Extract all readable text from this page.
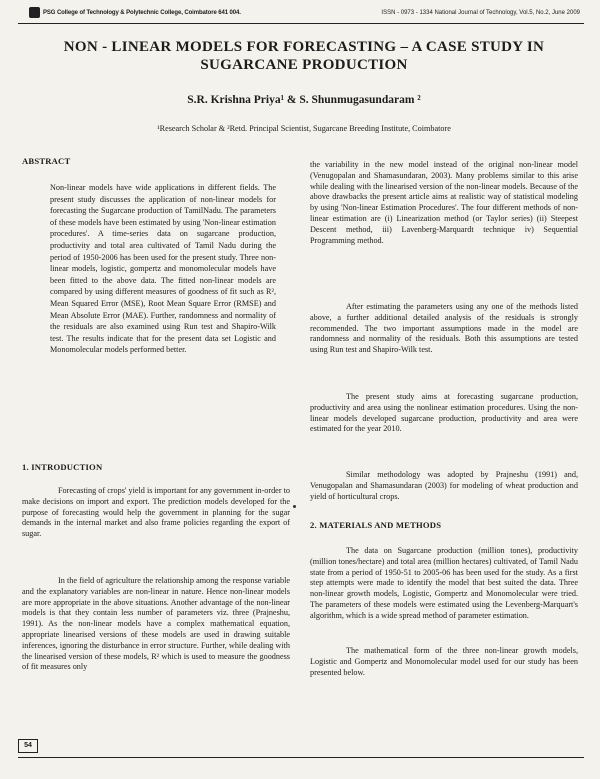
PSG College of Technology & Polytechnic College, Coimbatore 641 004.	ISSN - 0973 - 1334 National Journal of Technology, Vol.5, No.2, June 2009
NON - LINEAR MODELS FOR FORECASTING – A CASE STUDY IN SUGARCANE PRODUCTION
S.R. Krishna Priya¹ & S. Shunmugasundaram ²
¹Research Scholar & ²Retd. Principal Scientist, Sugarcane Breeding Institute, Coimbatore
ABSTRACT
Non-linear models have wide applications in different fields. The present study discusses the application of non-linear models for forecasting the Sugarcane production of TamilNadu. The parameters of these models have been estimated by using 'Non-linear estimation procedures'. A time-series data on sugarcane production, productivity and total area cultivated of Tamil Nadu during the period of 1950-2006 has been used for the present study. Three non-linear models, logistic, gompertz and monomolecular models have been fitted to the above data. The fitted non-linear models are compared by using different measures of goodness of fit such as R², Mean Squared Error (MSE), Root Mean Square Error (RMSE) and Mean Absolute Error (MAE). Further, randomness and normality of the residuals are also examined using Run test and Shapiro-Wilk test. The results indicate that for the present data set Logistic and Monomolecular models performed better.
1. INTRODUCTION

Forecasting of crops' yield is important for any government in-order to make decisions on import and export. The prediction models developed for the purpose of forecasting would help the government in planning for the sugar demands in the internal market and also frame policies regarding the export of sugar.

In the field of agriculture the relationship among the response variable and the explanatory variables are non-linear in nature. Hence non-linear models are more appropriate in the above situations. Another advantage of the non-linear models is that they contain less number of parameters viz. three (Prajneshu, 1991). As the non-linear models have a complex mathematical equation, appropriate linearised versions of these models are used in drawing suitable inferences, ignoring the disturbance in error structure. Further, while dealing with the linearised version of these models, R² which is used to measure the goodness of fit measures only

the variability in the new model instead of the original non-linear model (Venugopalan and Shamasundaran, 2003). Many problems similar to this arise while dealing with the linearised version of the non-linear models. Because of the above drawbacks the present article aims at realistic way of statistical modeling by using 'Non-linear Estimation Procedures'. The four different methods of non-linear estimation are (i) Linearization method (or Taylor series) (ii) Steepest Descent method, iii) Lavenberg-Marquardt technique iv) Sequential Programming method.

After estimating the parameters using any one of the methods listed above, a further additional detailed analysis of the residuals is strongly recommended. The two important assumptions made in the model are randomness and normality of the residuals. Both this assumptions are tested using Run test and Shapiro-Wilk test.

The present study aims at forecasting sugarcane production, productivity and area using the nonlinear estimation procedures. Using the non-linear models developed sugarcane production, productivity and area were estimated for the year 2010.

Similar methodology was adopted by Prajneshu (1991) and, Venugopalan and Shamasundaran (2003) for modeling of wheat production and yield of horticultural crops.

2. MATERIALS AND METHODS

The data on Sugarcane production (million tones), productivity (million tones/hectare) and total area (million hectares) cultivated, of Tamil Nadu state from a period of 1950-51 to 2005-06 has been used for the study. As a first step attempts were made to identify the model that best suited the data. Three non-linear growth models, Logistic, Gompertz and Monomolecular were tried. The parameters of these models were estimated using the Levenberg-Marquart's algorithm, which is a wide spread method of parameter estimation.

The mathematical form of the three non-linear growth models, Logistic and Gompertz and Monomolecular model used for our study has been presented below.

54
